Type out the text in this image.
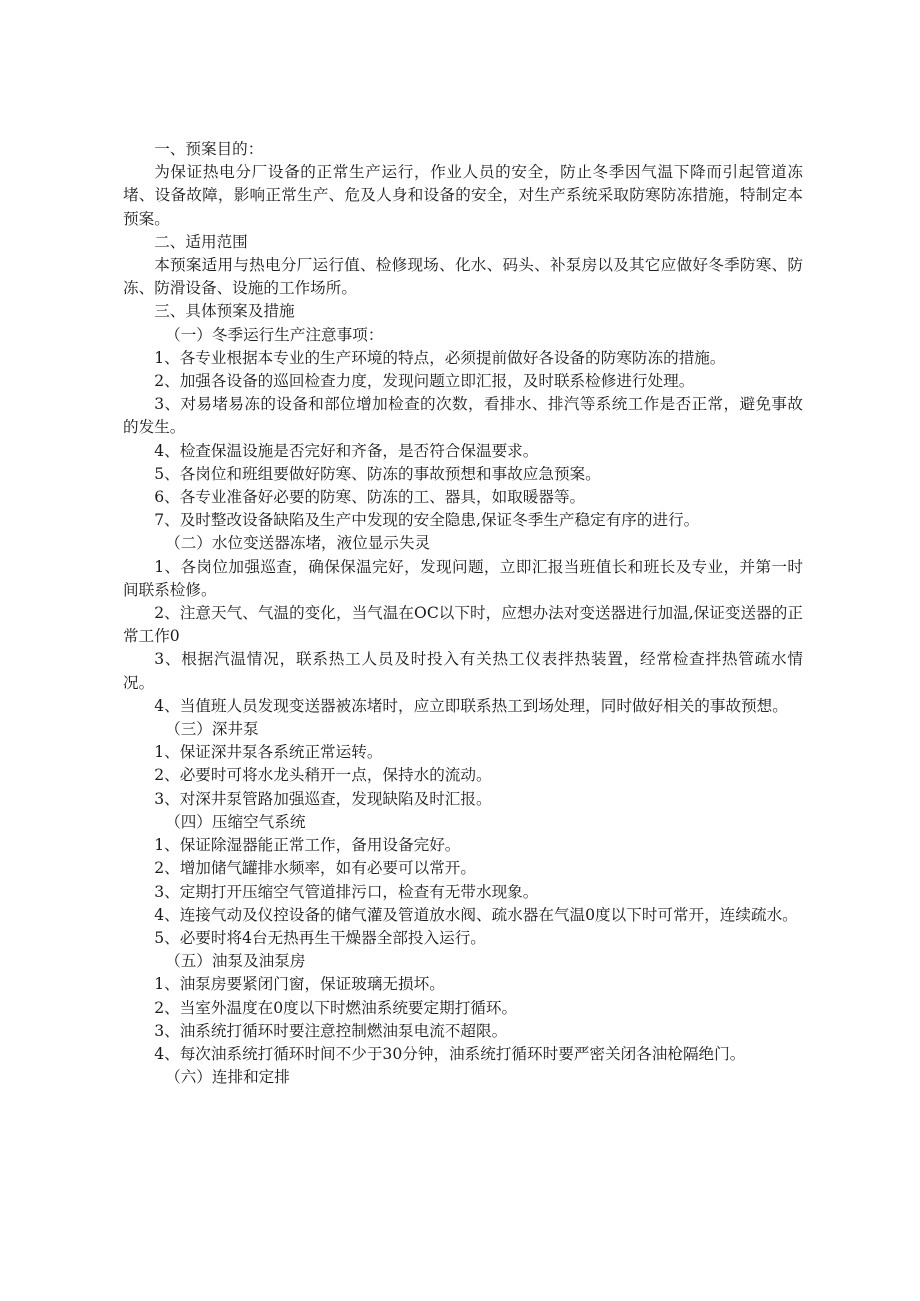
一、预案目的：

为保证热电分厂设备的正常生产运行，作业人员的安全，防止冬季因气温下降而引起管道冻堵、设备故障，影响正常生产、危及人身和设备的安全，对生产系统采取防寒防冻措施，特制定本预案。

二、适用范围

本预案适用与热电分厂运行值、检修现场、化水、码头、补泵房以及其它应做好冬季防寒、防冻、防滑设备、设施的工作场所。

三、具体预案及措施

（一）冬季运行生产注意事项：

1、各专业根据本专业的生产环境的特点，必须提前做好各设备的防寒防冻的措施。

2、加强各设备的巡回检查力度，发现问题立即汇报，及时联系检修进行处理。

3、对易堵易冻的设备和部位增加检查的次数，看排水、排汽等系统工作是否正常，避免事故的发生。

4、检查保温设施是否完好和齐备，是否符合保温要求。

5、各岗位和班组要做好防寒、防冻的事故预想和事故应急预案。

6、各专业准备好必要的防寒、防冻的工、器具，如取暖器等。

7、及时整改设备缺陷及生产中发现的安全隐患,保证冬季生产稳定有序的进行。

（二）水位变送器冻堵，液位显示失灵

1、各岗位加强巡查，确保保温完好，发现问题，立即汇报当班值长和班长及专业，并第一时间联系检修。

2、注意天气、气温的变化，当气温在OC以下时，应想办法对变送器进行加温,保证变送器的正常工作0

3、根据汽温情况，联系热工人员及时投入有关热工仪表拌热装置，经常检查拌热管疏水情况。

4、当值班人员发现变送器被冻堵时，应立即联系热工到场处理，同时做好相关的事故预想。

（三）深井泵

1、保证深井泵各系统正常运转。

2、必要时可将水龙头稍开一点，保持水的流动。

3、对深井泵管路加强巡查，发现缺陷及时汇报。

（四）压缩空气系统

1、保证除湿器能正常工作，备用设备完好。

2、增加储气罐排水频率，如有必要可以常开。

3、定期打开压缩空气管道排污口，检查有无带水现象。

4、连接气动及仪控设备的储气灌及管道放水阀、疏水器在气温0度以下时可常开，连续疏水。

5、必要时将4台无热再生干燥器全部投入运行。

（五）油泵及油泵房

1、油泵房要紧闭门窗，保证玻璃无损坏。

2、当室外温度在0度以下时燃油系统要定期打循环。

3、油系统打循环时要注意控制燃油泵电流不超限。

4、每次油系统打循环时间不少于30分钟，油系统打循环时要严密关闭各油枪隔绝门。

（六）连排和定排
